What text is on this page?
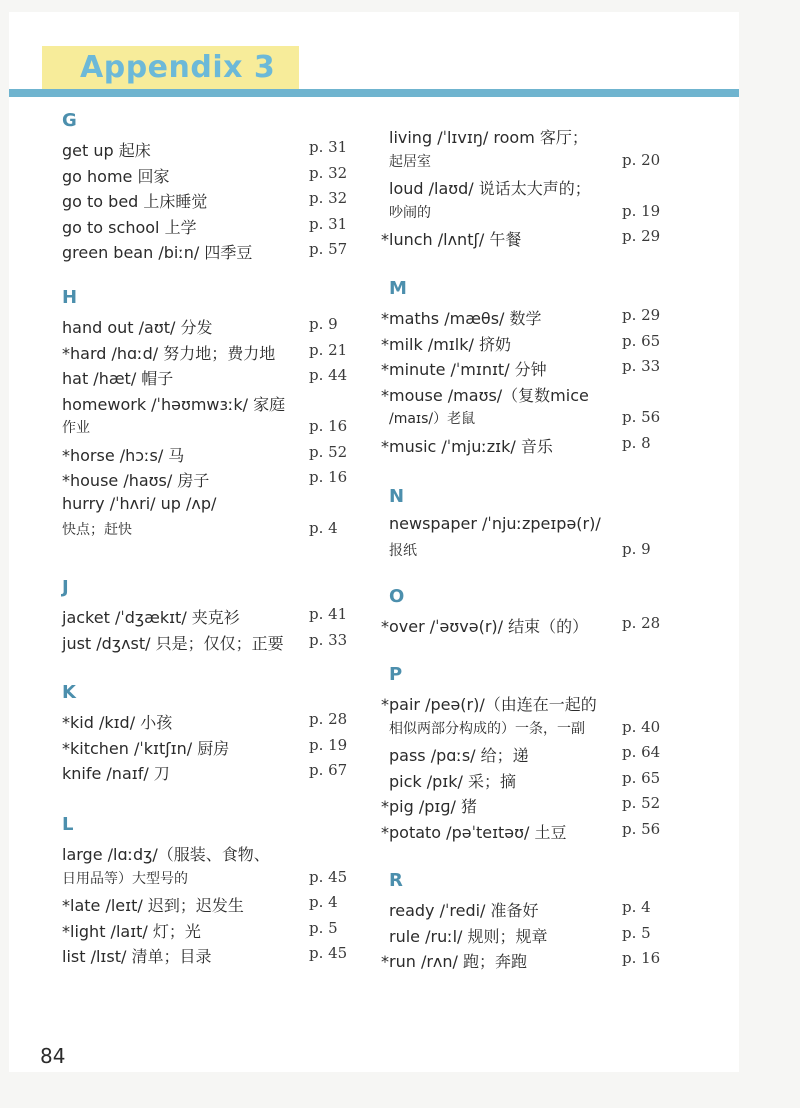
Appendix 3
G
get up 起床	p. 31
go home 回家	p. 32
go to bed 上床睡觉	p. 32
go to school 上学	p. 31
green bean /biːn/ 四季豆	p. 57
H
hand out /aʊt/ 分发	p. 9
*hard /hɑːd/ 努力地；费力地 p. 21
hat /hæt/ 帽子	p. 44
homework /ˈhəʊmwɜːk/ 家庭
作业	p. 16
*horse /hɔːs/ 马	p. 52
*house /haʊs/ 房子	p. 16
hurry /ˈhʌri/ up /ʌp/
快点；赶快	p. 4
J
jacket /ˈdʒækɪt/ 夹克衫	p. 41
just /dʒʌst/ 只是；仅仅；正要 p. 33
K
*kid /kɪd/ 小孩	p. 28
*kitchen /ˈkɪtʃɪn/ 厨房	p. 19
knife /naɪf/ 刀	p. 67
L
large /lɑːdʒ/（服装、食物、
日用品等）大型号的	p. 45
*late /leɪt/ 迟到；迟发生	p. 4
*light /laɪt/ 灯；光	p. 5
list /lɪst/ 清单；目录	p. 45
living /ˈlɪvɪŋ/ room 客厅；
起居室	p. 20
loud /laʊd/ 说话太大声的；
吵闹的	p. 19
*lunch /lʌntʃ/ 午餐	p. 29
M
*maths /mæθs/ 数学	p. 29
*milk /mɪlk/ 挤奶	p. 65
*minute /ˈmɪnɪt/ 分钟	p. 33
*mouse /maʊs/（复数mice
/maɪs/）老鼠	p. 56
*music /ˈmjuːzɪk/ 音乐	p. 8
N
newspaper /ˈnjuːzpeɪpə(r)/
报纸	p. 9
O
*over /ˈəʊvə(r)/ 结束（的） p. 28
P
*pair /peə(r)/（由连在一起的
相似两部分构成的）一条，一副 p. 40
pass /pɑːs/ 给；递	p. 64
pick /pɪk/ 采；摘	p. 65
*pig /pɪɡ/ 猪	p. 52
*potato /pəˈteɪtəʊ/ 土豆	p. 56
R
ready /ˈredi/ 准备好	p. 4
rule /ruːl/ 规则；规章	p. 5
*run /rʌn/ 跑；奔跑	p. 16
84
